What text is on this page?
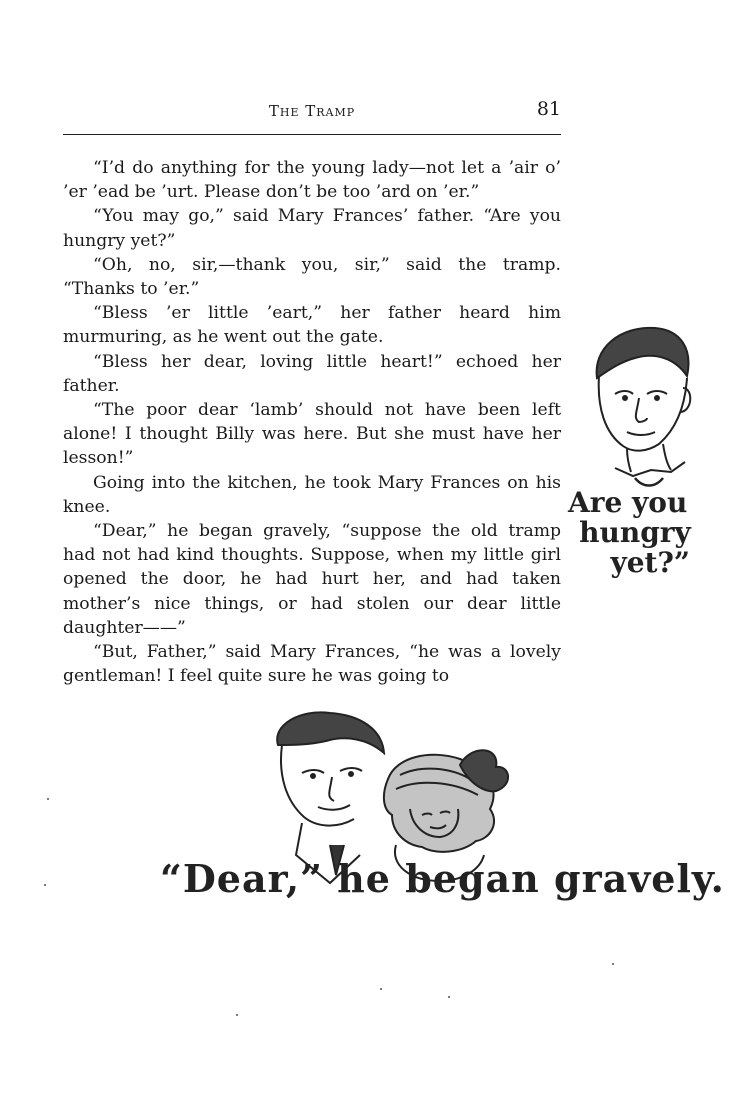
The Tramp	81

“I’d do anything for the young lady—not let a ’air o’ ’er ’ead be ’urt. Please don’t be too ’ard on ’er.”

“You may go,” said Mary Frances’ father. “Are you hungry yet?”

“Oh, no, sir,—thank you, sir,” said the tramp. “Thanks to ’er.”

“Bless ’er little ’eart,” her father heard him murmuring, as he went out the gate.

“Bless her dear, loving little heart!” echoed her father.

“The poor dear ‘lamb’ should not have been left alone! I thought Billy was here. But she must have her lesson!”

Going into the kitchen, he took Mary Frances on his knee.

“Dear,” he began gravely, “suppose the old tramp had not had kind thoughts. Suppose, when my little girl opened the door, he had hurt her, and had taken mother’s nice things, or had stolen our dear little daughter——”

“But, Father,” said Mary Frances, “he was a lovely gentleman! I feel quite sure he was going to

Are you
hungry
yet?”
“Dear,” he began gravely.
